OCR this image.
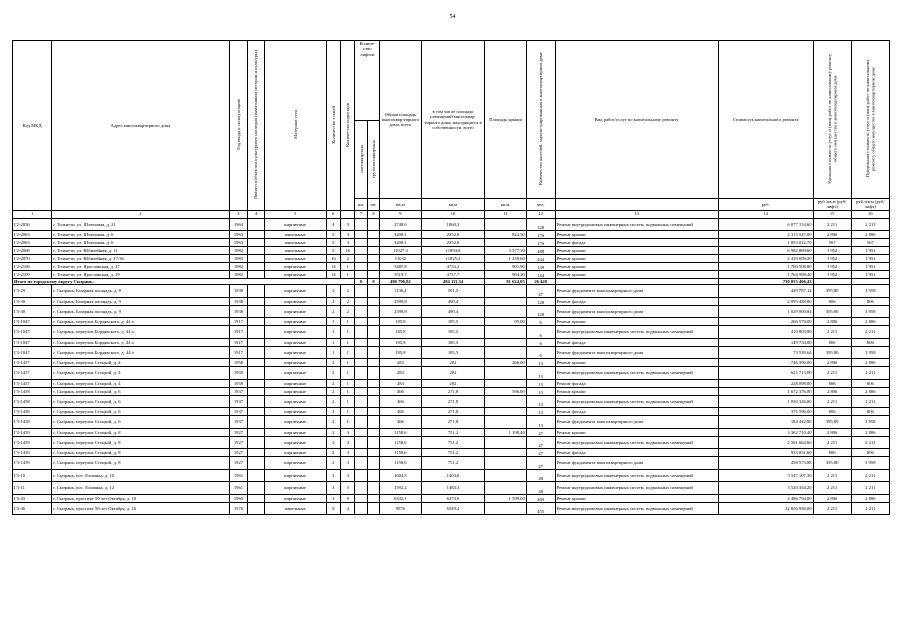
54
Код МКД	Адрес многоквартирного дома	Год ввода в эксплуатацию	Является объектом культурного наследия (памятником истории и культуры)	Материал стен	Количество этажей	Количество подъездов	Количе-ство лифтов		Общая площадь многоквар-тирного дома, всего	в том числе площадь помещений многоквар-тирного дома, находящиеся в собственности, всего	Площадь крыши	Количество жителей, зарегистрированных в многоквартирном доме	Вид работ/услуг по капитальному ремонту	Стоимость капитального ремонта	Удельная стоимость услуг и (или) работ по капитальному ремонту общего имущества в многоквартирном доме	Предельная стоимость услуг и (или) работ по капитальному ремонту общего имущества в многоквартирном доме
							пассажирских	грузопассажирских								
							шт.	шт.	кв.м	кв.м	кв.м.	чел.		руб.	руб./кв.м (руб/лифт)	руб./кв.м (руб/лифт)
1	2	3	4	5	6		7	8	9	10	11	12	13	14	15	16
Г2-2056	г. Тольятти, ул. Шлюзовая, д. 21	1964		кирпичные	4	3			2748,6	1860,3		128	Ремонт внутридомовых инженерных систем, подвальных помещений	6 077 154,60	2 211	2 211
Г2-2063	г. Тольятти, ул. Шлюзовая, д. 6	1963		панельные	5	3			3208,1	2352,8	824,50	176	Ремонт крыши	2 313 547,00	2 806	2 806
Г2-2063	г. Тольятти, ул. Шлюзовая, д. 6	1963		панельные	5	3			3208,1	2352,8		176	Ремонт фасада	1 853 012,70	567	567
Г2-2068	г. Тольятти, ул. Юбилейная, д. 11	1982		панельные	5	16			11927,3	11894,8	3 577,30	488	Ремонт крыши	6 982 889,60	1 952	1 952
Г2-2070	г. Тольятти, ул. Юбилейная, д. 17/36	1983		панельные	16	2			11042	11825,2	1 239,60	444	Ремонт крыши	2 419 699,20	1 952	1 952
Г2-2108	г. Тольятти, ул. Ярославская, д. 27	1982		кирпичные	14	1			5487,8	4733,2	901,90	139	Ремонт крыши	1 760 508,80	1 952	1 952
Г2-2109	г. Тольятти, ул. Ярославская, д. 29	1982		кирпичные	14	1			5519,7	4737,7	904,20	144	Ремонт крыши	1 764 998,40	1 952	1 952
Итого по городскому округу Сызрань:							0	0	486 796,82	484 111,34	81 624,05	26 420		730 055 466,43		
Г3-29	г. Сызрань, Базарная площадь, д. 8	1938		кирпичные	2	2			1136,4	501,5		47	Ремонт фундамента многоквартирного дома	449 787,12	395,80	3 958
Г3-30	г. Сызрань, Базарная площадь, д. 9	1938		кирпичные	2	2			2599,8	490,4		128	Ремонт фасада	2 095 438,80	806	806
Г3-30	г. Сызрань, Базарная площадь, д. 9	1938		кирпичные	2	2			2599,8	490,4		128	Ремонт фундамента многоквартирного дома	1 029 000,84	395,80	3 958
Г3-1047	г. Сызрань, переулок Бордявского, д. 44 а	1917		кирпичные	1	1			185,8	185,5	95,00	6	Ремонт крыши	266 570,00	2 806	2 806
Г3-1047	г. Сызрань, переулок Бордявского, д. 44 а	1917		кирпичные	1	1			185,8	185,5		6	Ремонт внутридомовых инженерных систем, подвальных помещений	410 803,80	2 211	2 211
Г3-1047	г. Сызрань, переулок Бордявского, д. 44 а	1917		кирпичные	1	1			185,8	185,5		6	Ремонт фасада	149 754,80	806	806
Г3-1047	г. Сызрань, переулок Бордявского, д. 44 а	1917		кирпичные	1	1			185,8	185,5		6	Ремонт фундамента многоквартирного дома	73 539,64	395,80	3 958
Г3-1457	г. Сызрань, переулок Стоцкой, д. 4	1958		кирпичные	2	1			283	202	266,00	13	Ремонт крыши	746 396,00	2 806	2 806
Г3-1457	г. Сызрань, переулок Стоцкой, д. 4	1958		кирпичные	2	1			283	202		13	Ремонт внутридомовых инженерных систем, подвальных помещений	625 713,00	2 211	2 211
Г3-1457	г. Сызрань, переулок Стоцкой, д. 4	1958		кирпичные	2	1			283	202		13	Ремонт фасада	228 098,00	806	806
Г3-1458	г. Сызрань, переулок Стоцкой, д. 6	1937		кирпичные	2	1			466	271,8	596,00	13	Ремонт крыши	1 672 376,00	2 806	2 806
Г3-1458	г. Сызрань, переулок Стоцкой, д. 6	1937		кирпичные	2	1			466	271,8		13	Ремонт внутридомовых инженерных систем, подвальных помещений	1 030 326,00	2 211	2 211
Г3-1458	г. Сызрань, переулок Стоцкой, д. 6	1937		кирпичные	2	1			466	271,8		13	Ремонт фасада	375 596,00	806	806
Г3-1458	г. Сызрань, переулок Стоцкой, д. 6	1937		кирпичные	2	1			466	271,8		13	Ремонт фундамента многоквартирного дома	184 442,80	395,80	3 958
Г3-1459	г. Сызрань, переулок Стоцкой, д. 8	1927		кирпичные	2	3			1158,6	751,2	1 198,40	47	Ремонт крыши	3 362 710,40	2 806	2 806
Г3-1459	г. Сызрань, переулок Стоцкой, д. 8	1927		кирпичные	2	3			1158,6	751,2		47	Ремонт внутридомовых инженерных систем, подвальных помещений	2 561 664,60	2 211	2 211
Г3-1459	г. Сызрань, переулок Стоцкой, д. 8	1927		кирпичные	2	3			1158,6	751,2		47	Ремонт фасада	933 831,60	806	806
Г3-1459	г. Сызрань, переулок Стоцкой, д. 8	1927		кирпичные	2	3			1158,6	751,2		47	Ремонт фундамента многоквартирного дома	458 573,88	395,80	3 958
Г3-10	г. Сызрань, пос. Елшанка, д. 10	1961		кирпичные	3	3			1604,3	1403,8		48	Ремонт внутридомовых инженерных систем, подвальных помещений	3 547 107,30	2 211	2 211
Г3-11	г. Сызрань, пос. Елшанка, д. 12	1961		кирпичные	3	3			1592,2	1483,3		48	Ремонт внутридомовых инженерных систем, подвальных помещений	3 520 354,20	2 211	2 211
Г3-43	г. Сызрань, проспект 50 лет Октября, д. 10	1960		кирпичные	3	8			6335,1	6273,6	1 599,00	269	Ремонт крыши	4 486 794,00	2 806	2 806
Г3-46	г. Сызрань, проспект 50 лет Октября, д. 16	1976		панельные	9	4			9976	6549,4		455	Ремонт внутридомовых инженерных систем, подвальных помещений	22 056 936,00	2 211	2 211
